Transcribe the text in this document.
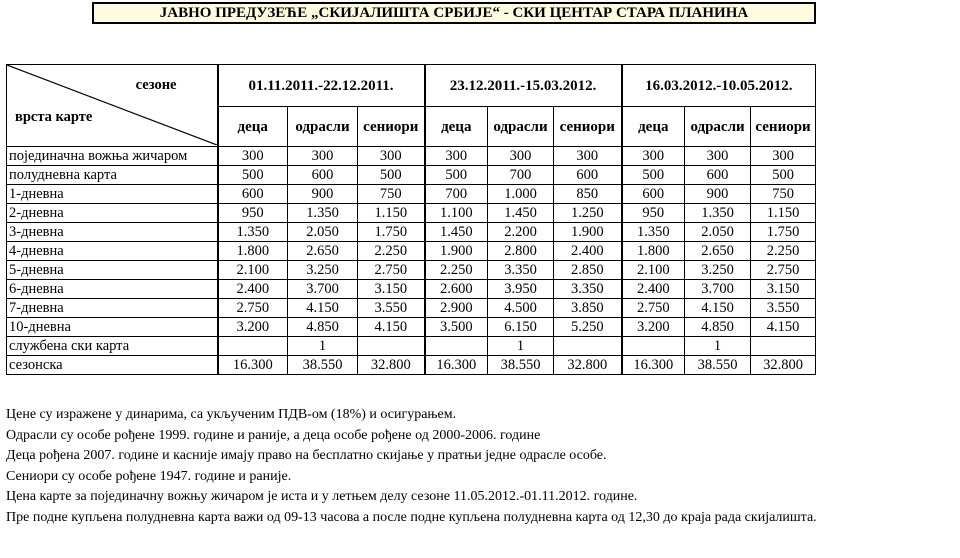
ЈАВНО ПРЕДУЗЕЋЕ „СКИЈАЛИШТА СРБИЈЕ“ - СКИ ЦЕНТАР СТАРА ПЛАНИНА
сезоне
врста карте	01.11.2011.-22.12.2011.			23.12.2011.-15.03.2012.			16.03.2012.-10.05.2012.		
	деца	одрасли	сениори	деца	одрасли	сениори	деца	одрасли	сениори
појединачна вожња жичаром	300	300	300	300	300	300	300	300	300
полудневна карта	500	600	500	500	700	600	500	600	500
1-дневна	600	900	750	700	1.000	850	600	900	750
2-дневна	950	1.350	1.150	1.100	1.450	1.250	950	1.350	1.150
3-дневна	1.350	2.050	1.750	1.450	2.200	1.900	1.350	2.050	1.750
4-дневна	1.800	2.650	2.250	1.900	2.800	2.400	1.800	2.650	2.250
5-дневна	2.100	3.250	2.750	2.250	3.350	2.850	2.100	3.250	2.750
6-дневна	2.400	3.700	3.150	2.600	3.950	3.350	2.400	3.700	3.150
7-дневна	2.750	4.150	3.550	2.900	4.500	3.850	2.750	4.150	3.550
10-дневна	3.200	4.850	4.150	3.500	6.150	5.250	3.200	4.850	4.150
службена ски карта		1			1			1	
сезонска	16.300	38.550	32.800	16.300	38.550	32.800	16.300	38.550	32.800
Цене су изражене у динарима, са укљученим ПДВ-ом (18%) и осигурањем.
Одрасли су особе рођене 1999. године и раније, а деца особе рођене од 2000-2006. године
Деца рођена 2007. године и касније имају право на бесплатно скијање у пратњи једне одрасле особе.
Сениори су особе рођене 1947. године и раније.
Цена карте за појединачну вожњу жичаром је иста и у летњем делу сезоне 11.05.2012.-01.11.2012. године.
Пре подне купљена полудневна карта важи од 09-13 часова а после подне купљена полудневна карта од 12,30 до краја рада скијалишта.
